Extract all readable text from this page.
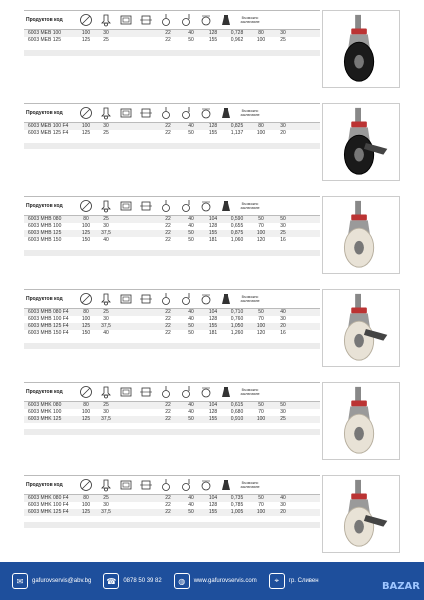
Продуктов код	Възможно заключване
6003 MEB 100	100	30	22	40	128	0,728	80	30
6003 MEB 125	125	25	22	50	155	0,962	100	25
Продуктов код	Възможно заключване
6003 MEB 100 F4	100	30	22	40	128	0,825	80	30
6003 MEB 125 F4	125	25	22	50	155	1,137	100	20
Продуктов код	Възможно заключване
6003 MHB 080	80	25	22	40	104	0,590	50	50
6003 MHB 100	100	30	22	40	128	0,655	70	30
6003 MHB 125	125	37,5	22	50	155	0,875	100	25
6003 MHB 150	150	40	22	50	181	1,060	120	16
Продуктов код	Възможно заключване
6003 MHB 080 F4	80	25	22	40	104	0,710	50	40
6003 MHB 100 F4	100	30	22	40	128	0,760	70	30
6003 MHB 125 F4	125	37,5	22	50	155	1,050	100	20
6003 MHB 150 F4	150	40	22	50	181	1,260	120	16
Продуктов код	Възможно заключване
6003 MHK 080	80	25	22	40	104	0,615	50	50
6003 MHK 100	100	30	22	40	128	0,680	70	30
6003 MHK 125	125	37,5	22	50	155	0,910	100	25
Продуктов код	Възможно заключване
6003 MHK 080 F4	80	25	22	40	104	0,735	50	40
6003 MHK 100 F4	100	30	22	40	128	0,785	70	30
6003 MHK 125 F4	125	37,5	22	50	155	1,005	100	20
✉	gafurovservis@abv.bg	☎	0878 50 39 82	◍	www.gafurovservis.com	⌖	гр. Сливен	BAZAR
